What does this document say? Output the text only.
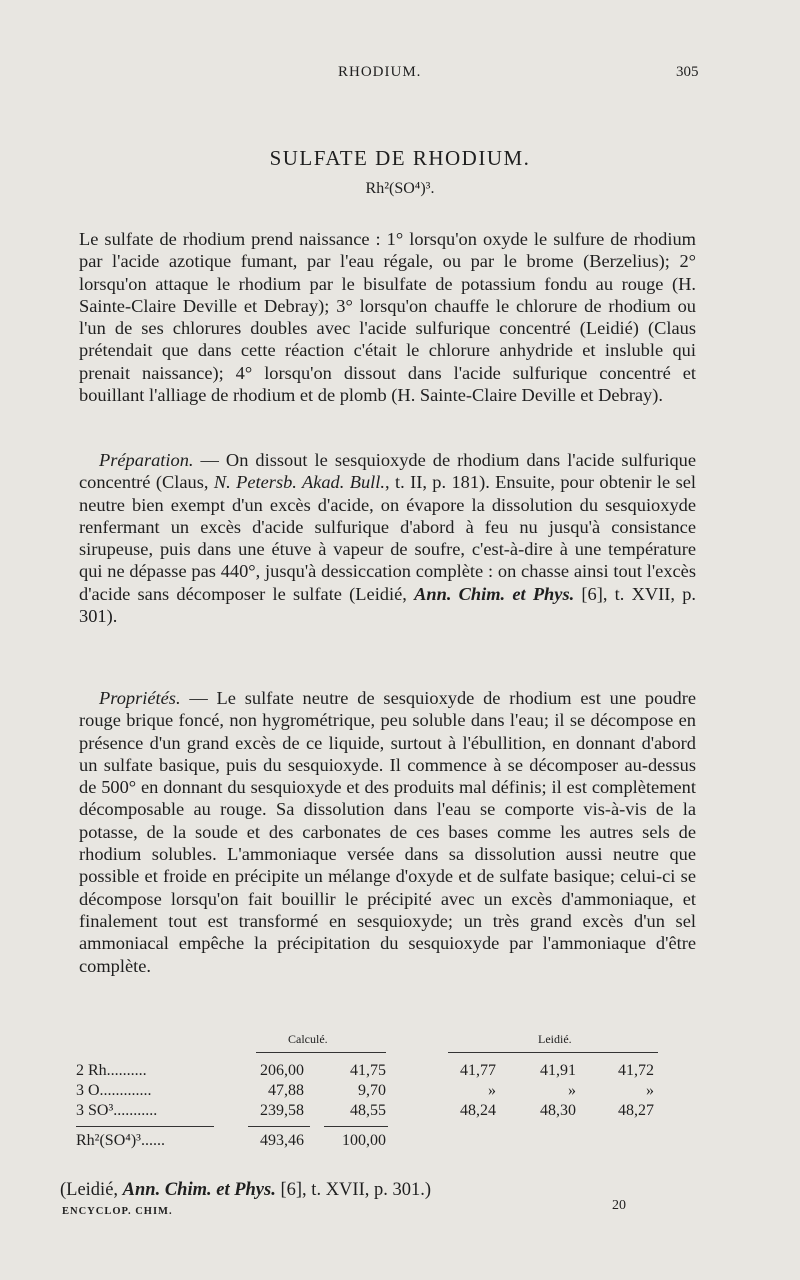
RHODIUM.	305
SULFATE DE RHODIUM.
Rh²(SO⁴)³.

Le sulfate de rhodium prend naissance : 1° lorsqu'on oxyde le sulfure de rhodium par l'acide azotique fumant, par l'eau régale, ou par le brome (Berzelius); 2° lorsqu'on attaque le rhodium par le bisulfate de potassium fondu au rouge (H. Sainte-Claire Deville et Debray); 3° lorsqu'on chauffe le chlorure de rhodium ou l'un de ses chlorures doubles avec l'acide sulfurique concentré (Leidié) (Claus prétendait que dans cette réaction c'était le chlorure anhydride et insluble qui prenait naissance); 4° lorsqu'on dissout dans l'acide sulfurique concentré et bouillant l'alliage de rhodium et de plomb (H. Sainte-Claire Deville et Debray).

Préparation. — On dissout le sesquioxyde de rhodium dans l'acide sulfurique concentré (Claus, N. Petersb. Akad. Bull., t. II, p. 181). Ensuite, pour obtenir le sel neutre bien exempt d'un excès d'acide, on évapore la dissolution du sesquioxyde renfermant un excès d'acide sulfurique d'abord à feu nu jusqu'à consistance sirupeuse, puis dans une étuve à vapeur de soufre, c'est-à-dire à une température qui ne dépasse pas 440°, jusqu'à dessiccation complète : on chasse ainsi tout l'excès d'acide sans décomposer le sulfate (Leidié, Ann. Chim. et Phys. [6], t. XVII, p. 301).

Propriétés. — Le sulfate neutre de sesquioxyde de rhodium est une poudre rouge brique foncé, non hygrométrique, peu soluble dans l'eau; il se décompose en présence d'un grand excès de ce liquide, surtout à l'ébullition, en donnant d'abord un sulfate basique, puis du sesquioxyde. Il commence à se décomposer au-dessus de 500° en donnant du sesquioxyde et des produits mal définis; il est complètement décomposable au rouge. Sa dissolution dans l'eau se comporte vis-à-vis de la potasse, de la soude et des carbonates de ces bases comme les autres sels de rhodium solubles. L'ammoniaque versée dans sa dissolution aussi neutre que possible et froide en précipite un mélange d'oxyde et de sulfate basique; celui-ci se décompose lorsqu'on fait bouillir le précipité avec un excès d'ammoniaque, et finalement tout est transformé en sesquioxyde; un très grand excès d'un sel ammoniacal empêche la précipitation du sesquioxyde par l'ammoniaque d'être complète.

Calculé.	Leidié.
2 Rh..........	206,00	41,75	41,77	41,91	41,72
3 O.............	47,88	9,70	»	»	»
3 SO³...........	239,58	48,55	48,24	48,30	48,27
Rh²(SO⁴)³......	493,46	100,00
(Leidié, Ann. Chim. et Phys. [6], t. XVII, p. 301.)
ENCYCLOP. CHIM.	20
